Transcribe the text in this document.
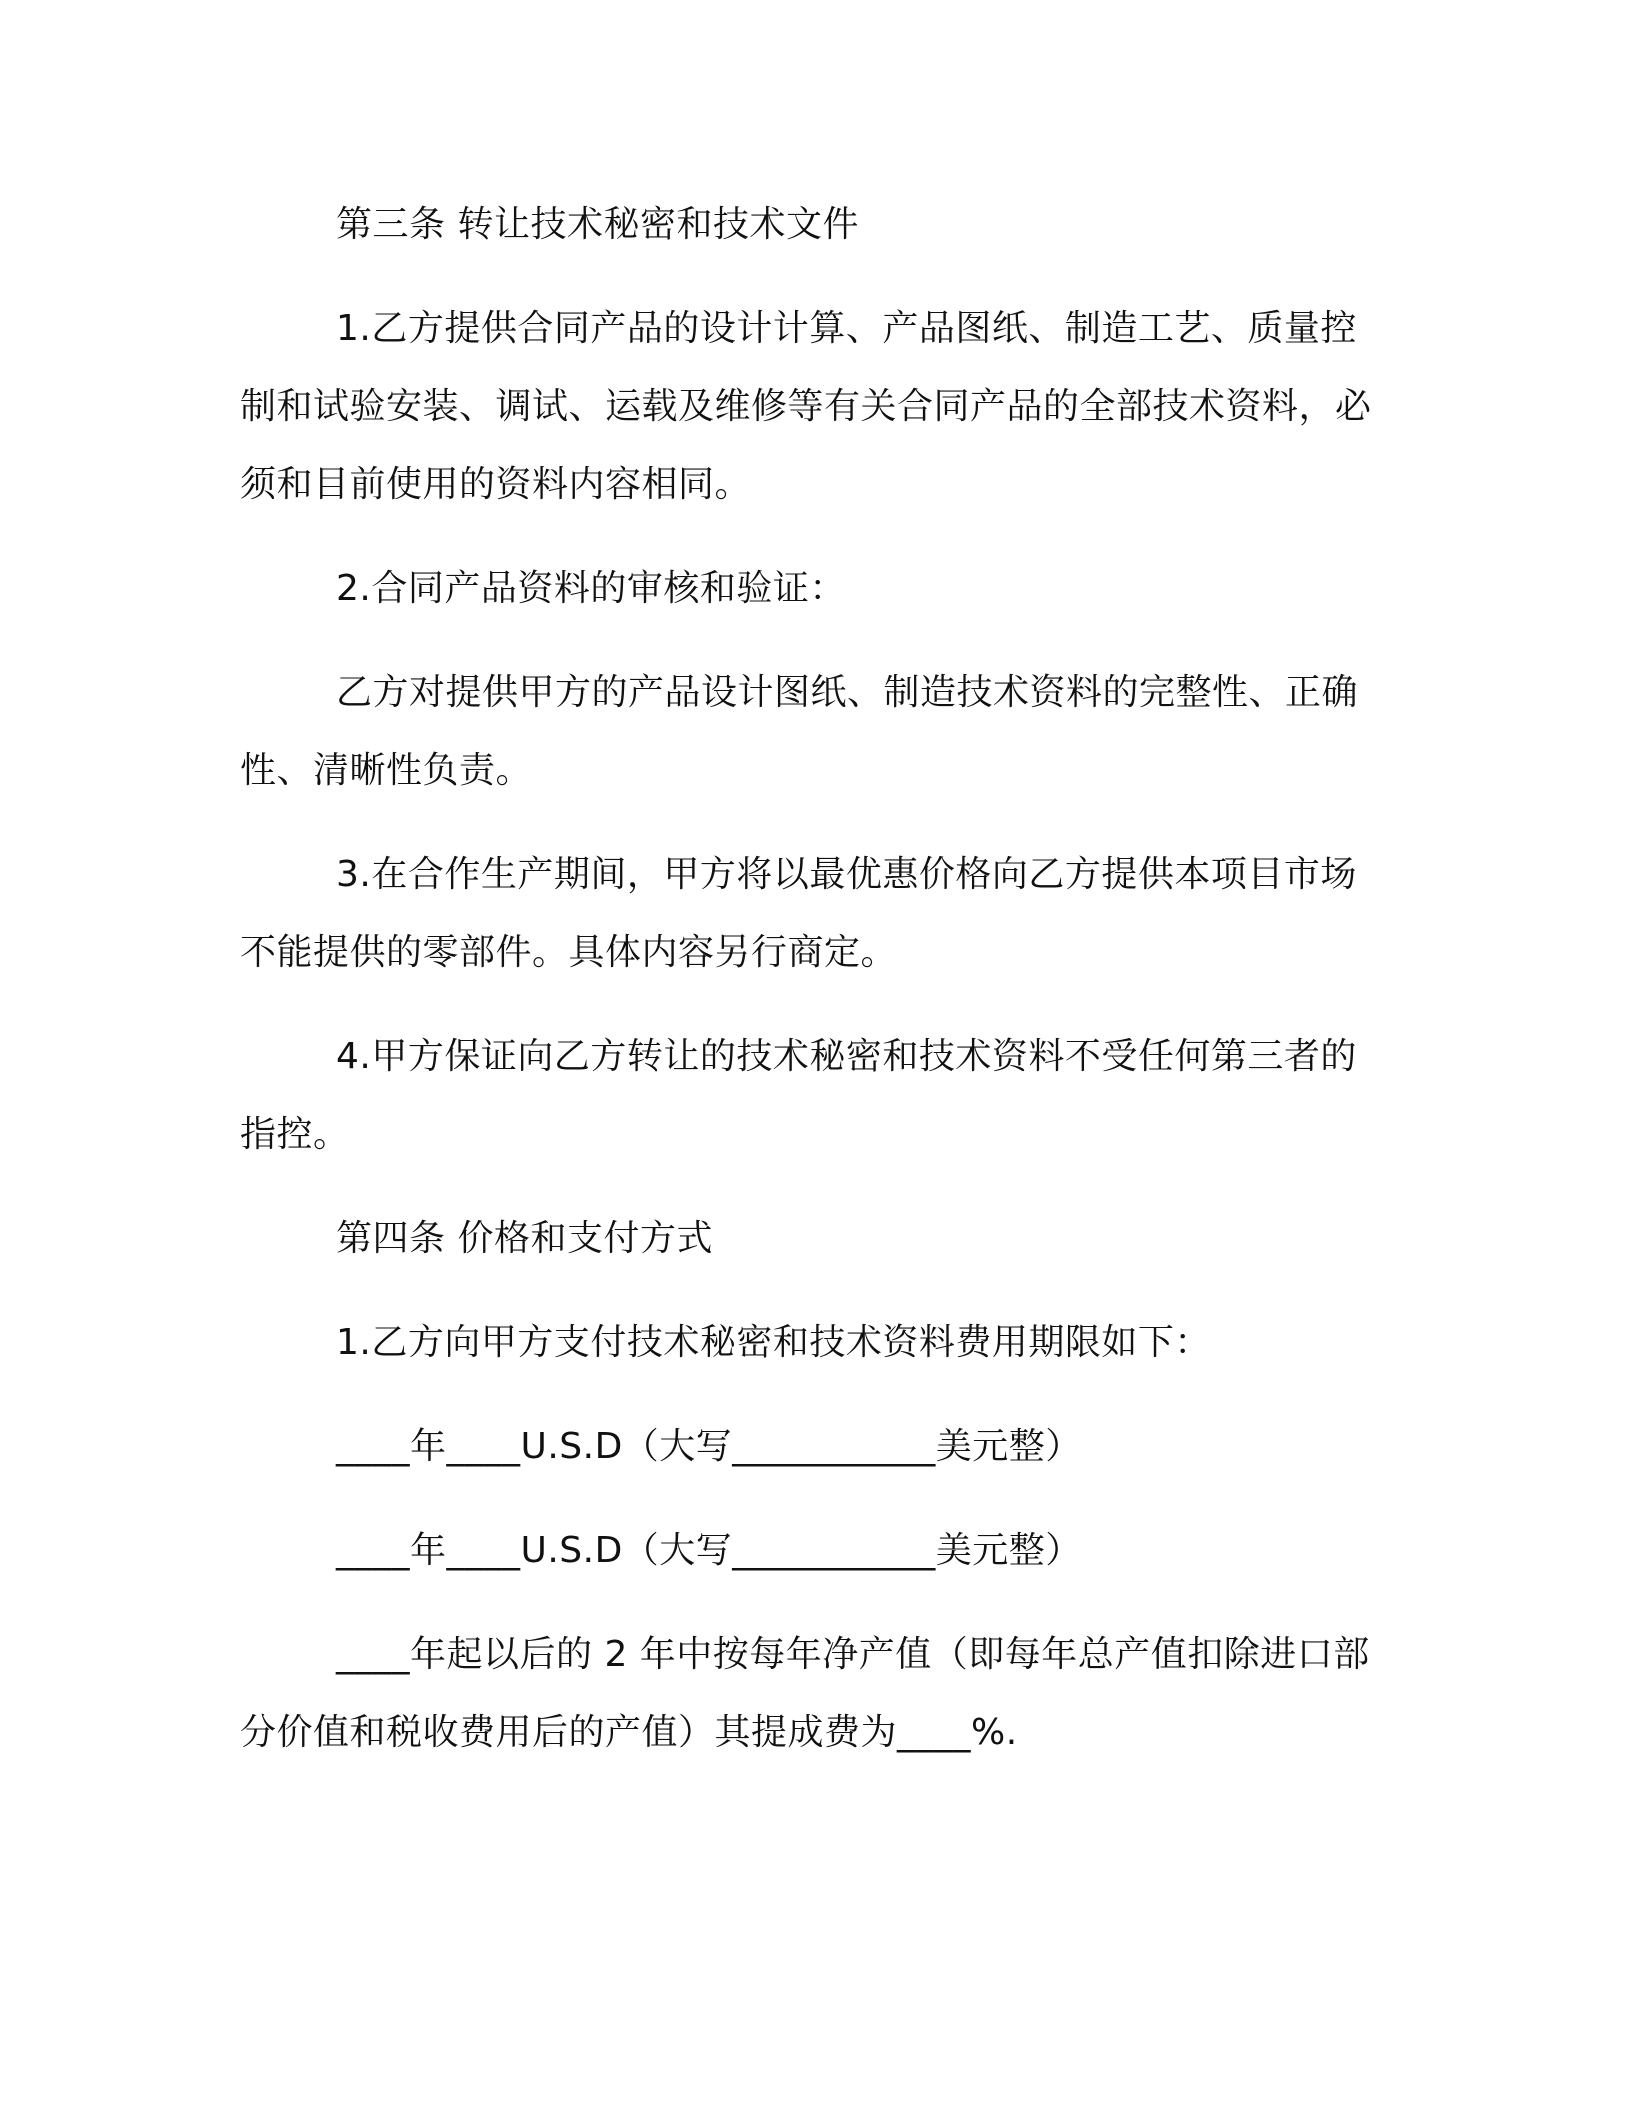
第三条 转让技术秘密和技术文件

1.乙方提供合同产品的设计计算、产品图纸、制造工艺、质量控制和试验安装、调试、运载及维修等有关合同产品的全部技术资料，必须和目前使用的资料内容相同。

2.合同产品资料的审核和验证：

乙方对提供甲方的产品设计图纸、制造技术资料的完整性、正确性、清晰性负责。

3.在合作生产期间，甲方将以最优惠价格向乙方提供本项目市场不能提供的零部件。具体内容另行商定。

4.甲方保证向乙方转让的技术秘密和技术资料不受任何第三者的指控。

第四条 价格和支付方式

1.乙方向甲方支付技术秘密和技术资料费用期限如下：

____年____U.S.D（大写___________美元整）

____年____U.S.D（大写___________美元整）

____年起以后的 2 年中按每年净产值（即每年总产值扣除进口部分价值和税收费用后的产值）其提成费为____%.
